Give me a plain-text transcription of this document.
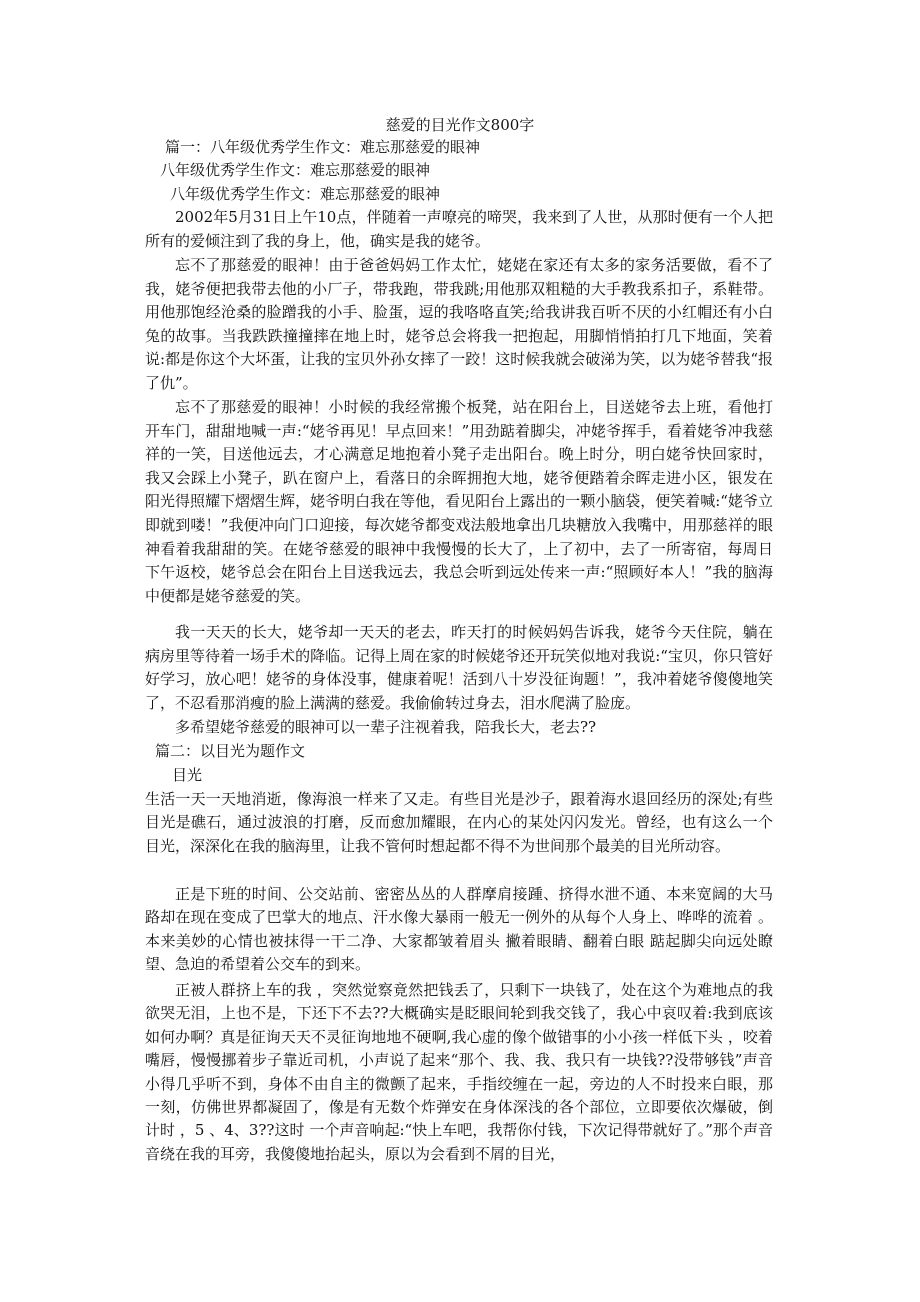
慈爱的目光作文800字
篇一：八年级优秀学生作文：难忘那慈爱的眼神
八年级优秀学生作文：难忘那慈爱的眼神
八年级优秀学生作文：难忘那慈爱的眼神
2002年5月31日上午10点，伴随着一声嘹亮的啼哭，我来到了人世，从那时便有一个人把所有的爱倾注到了我的身上，他，确实是我的姥爷。
忘不了那慈爱的眼神！由于爸爸妈妈工作太忙，姥姥在家还有太多的家务活要做，看不了我，姥爷便把我带去他的小厂子，带我跑，带我跳;用他那双粗糙的大手教我系扣子，系鞋带。用他那饱经沧桑的脸蹭我的小手、脸蛋，逗的我咯咯直笑;给我讲我百听不厌的小红帽还有小白兔的故事。当我跌跌撞撞摔在地上时，姥爷总会将我一把抱起，用脚悄悄拍打几下地面，笑着说:都是你这个大坏蛋，让我的宝贝外孙女摔了一跤！这时候我就会破涕为笑，以为姥爷替我“报了仇”。
忘不了那慈爱的眼神！小时候的我经常搬个板凳，站在阳台上，目送姥爷去上班，看他打开车门，甜甜地喊一声:“姥爷再见！早点回来！”用劲踮着脚尖，冲姥爷挥手，看着姥爷冲我慈祥的一笑，目送他远去，才心满意足地抱着小凳子走出阳台。晚上时分，明白姥爷快回家时，我又会踩上小凳子，趴在窗户上，看落日的余晖拥抱大地，姥爷便踏着余晖走进小区，银发在阳光得照耀下熠熠生辉，姥爷明白我在等他，看见阳台上露出的一颗小脑袋，便笑着喊:“姥爷立即就到喽！”我便冲向门口迎接，每次姥爷都变戏法般地拿出几块糖放入我嘴中，用那慈祥的眼神看着我甜甜的笑。在姥爷慈爱的眼神中我慢慢的长大了，上了初中，去了一所寄宿，每周日下午返校，姥爷总会在阳台上目送我远去，我总会听到远处传来一声:“照顾好本人！”我的脑海中便都是姥爷慈爱的笑。
我一天天的长大，姥爷却一天天的老去，昨天打的时候妈妈告诉我，姥爷今天住院，躺在病房里等待着一场手术的降临。记得上周在家的时候姥爷还开玩笑似地对我说:“宝贝，你只管好好学习，放心吧！姥爷的身体没事，健康着呢！活到八十岁没征询题！”，我冲着姥爷傻傻地笑了，不忍看那消瘦的脸上满满的慈爱。我偷偷转过身去，泪水爬满了脸庞。
多希望姥爷慈爱的眼神可以一辈子注视着我，陪我长大，老去??
篇二：以目光为题作文
目光
生活一天一天地消逝，像海浪一样来了又走。有些目光是沙子，跟着海水退回经历的深处;有些目光是礁石，通过波浪的打磨，反而愈加耀眼，在内心的某处闪闪发光。曾经，也有这么一个目光，深深化在我的脑海里，让我不管何时想起都不得不为世间那个最美的目光所动容。
正是下班的时间、公交站前、密密丛丛的人群摩肩接踵、挤得水泄不通、本来宽阔的大马路却在现在变成了巴掌大的地点、汗水像大暴雨一般无一例外的从每个人身上、哗哗的流着 。本来美妙的心情也被抹得一干二净、大家都皱着眉头 撇着眼睛、翻着白眼 踮起脚尖向远处瞭望、急迫的希望着公交车的到来。
正被人群挤上车的我 ，突然觉察竟然把钱丢了，只剩下一块钱了，处在这个为难地点的我欲哭无泪，上也不是，下还下不去??大概确实是眨眼间轮到我交钱了，我心中哀叹着:我到底该如何办啊？真是征询天天不灵征询地地不硬啊,我心虚的像个做错事的小小孩一样低下头 ，咬着嘴唇，慢慢挪着步子靠近司机，小声说了起来“那个、我、我、我只有一块钱??没带够钱”声音小得几乎听不到，身体不由自主的微颤了起来，手指绞缠在一起，旁边的人不时投来白眼，那一刻，仿佛世界都凝固了，像是有无数个炸弹安在身体深浅的各个部位，立即要依次爆破，倒计时 ，5 、4、3??这时 一个声音响起:“快上车吧，我帮你付钱，下次记得带就好了。”那个声音音绕在我的耳旁，我傻傻地抬起头，原以为会看到不屑的目光，
